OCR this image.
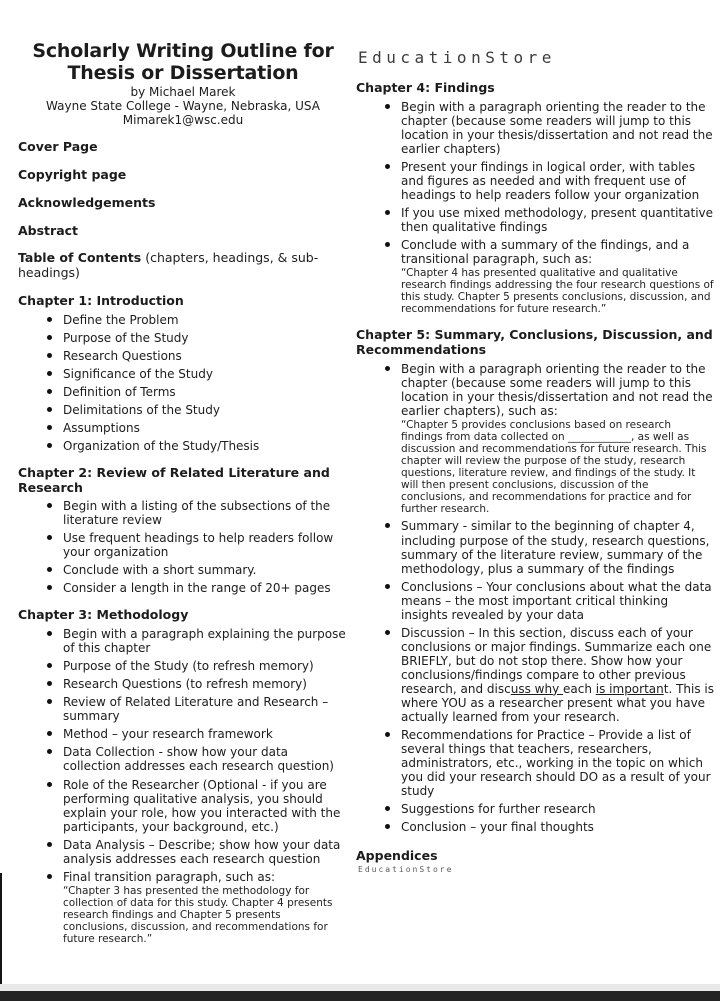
Scholarly Writing Outline for
Thesis or Dissertation
by Michael Marek
Wayne State College - Wayne, Nebraska, USA
Mimarek1@wsc.edu
Cover Page
Copyright page
Acknowledgements
Abstract
Table of Contents (chapters, headings, & sub-headings)
Chapter 1: Introduction
Define the Problem
Purpose of the Study
Research Questions
Significance of the Study
Definition of Terms
Delimitations of the Study
Assumptions
Organization of the Study/Thesis
Chapter 2: Review of Related Literature and Research
Begin with a listing of the subsections of the literature review
Use frequent headings to help readers follow your organization
Conclude with a short summary.
Consider a length in the range of 20+ pages
Chapter 3: Methodology
Begin with a paragraph explaining the purpose of this chapter
Purpose of the Study (to refresh memory)
Research Questions (to refresh memory)
Review of Related Literature and Research – summary
Method – your research framework
Data Collection - show how your data collection addresses each research question)
Role of the Researcher (Optional - if you are performing qualitative analysis, you should explain your role, how you interacted with the participants, your background, etc.)
Data Analysis – Describe; show how your data analysis addresses each research question
Final transition paragraph, such as:
“Chapter 3 has presented the methodology for collection of data for this study. Chapter 4 presents research findings and Chapter 5 presents conclusions, discussion, and recommendations for future research.”
EducationStore
Chapter 4: Findings
Begin with a paragraph orienting the reader to the chapter (because some readers will jump to this location in your thesis/dissertation and not read the earlier chapters)
Present your findings in logical order, with tables and figures as needed and with frequent use of headings to help readers follow your organization
If you use mixed methodology, present quantitative then qualitative findings
Conclude with a summary of the findings, and a transitional paragraph, such as:
“Chapter 4 has presented qualitative and qualitative research findings addressing the four research questions of this study. Chapter 5 presents conclusions, discussion, and recommendations for future research.”
Chapter 5: Summary, Conclusions, Discussion, and Recommendations
Begin with a paragraph orienting the reader to the chapter (because some readers will jump to this location in your thesis/dissertation and not read the earlier chapters), such as:
“Chapter 5 provides conclusions based on research findings from data collected on ____________, as well as discussion and recommendations for future research. This chapter will review the purpose of the study, research questions, literature review, and findings of the study. It will then present conclusions, discussion of the conclusions, and recommendations for practice and for further research.
Summary - similar to the beginning of chapter 4, including purpose of the study, research questions, summary of the literature review, summary of the methodology, plus a summary of the findings
Conclusions – Your conclusions about what the data means – the most important critical thinking insights revealed by your data
Discussion – In this section, discuss each of your conclusions or major findings. Summarize each one BRIEFLY, but do not stop there. Show how your conclusions/findings compare to other previous research, and discuss why each is important. This is where YOU as a researcher present what you have actually learned from your research.
Recommendations for Practice – Provide a list of several things that teachers, researchers, administrators, etc., working in the topic on which you did your research should DO as a result of your study
Suggestions for further research
Conclusion – your final thoughts
Appendices
EducationStore
